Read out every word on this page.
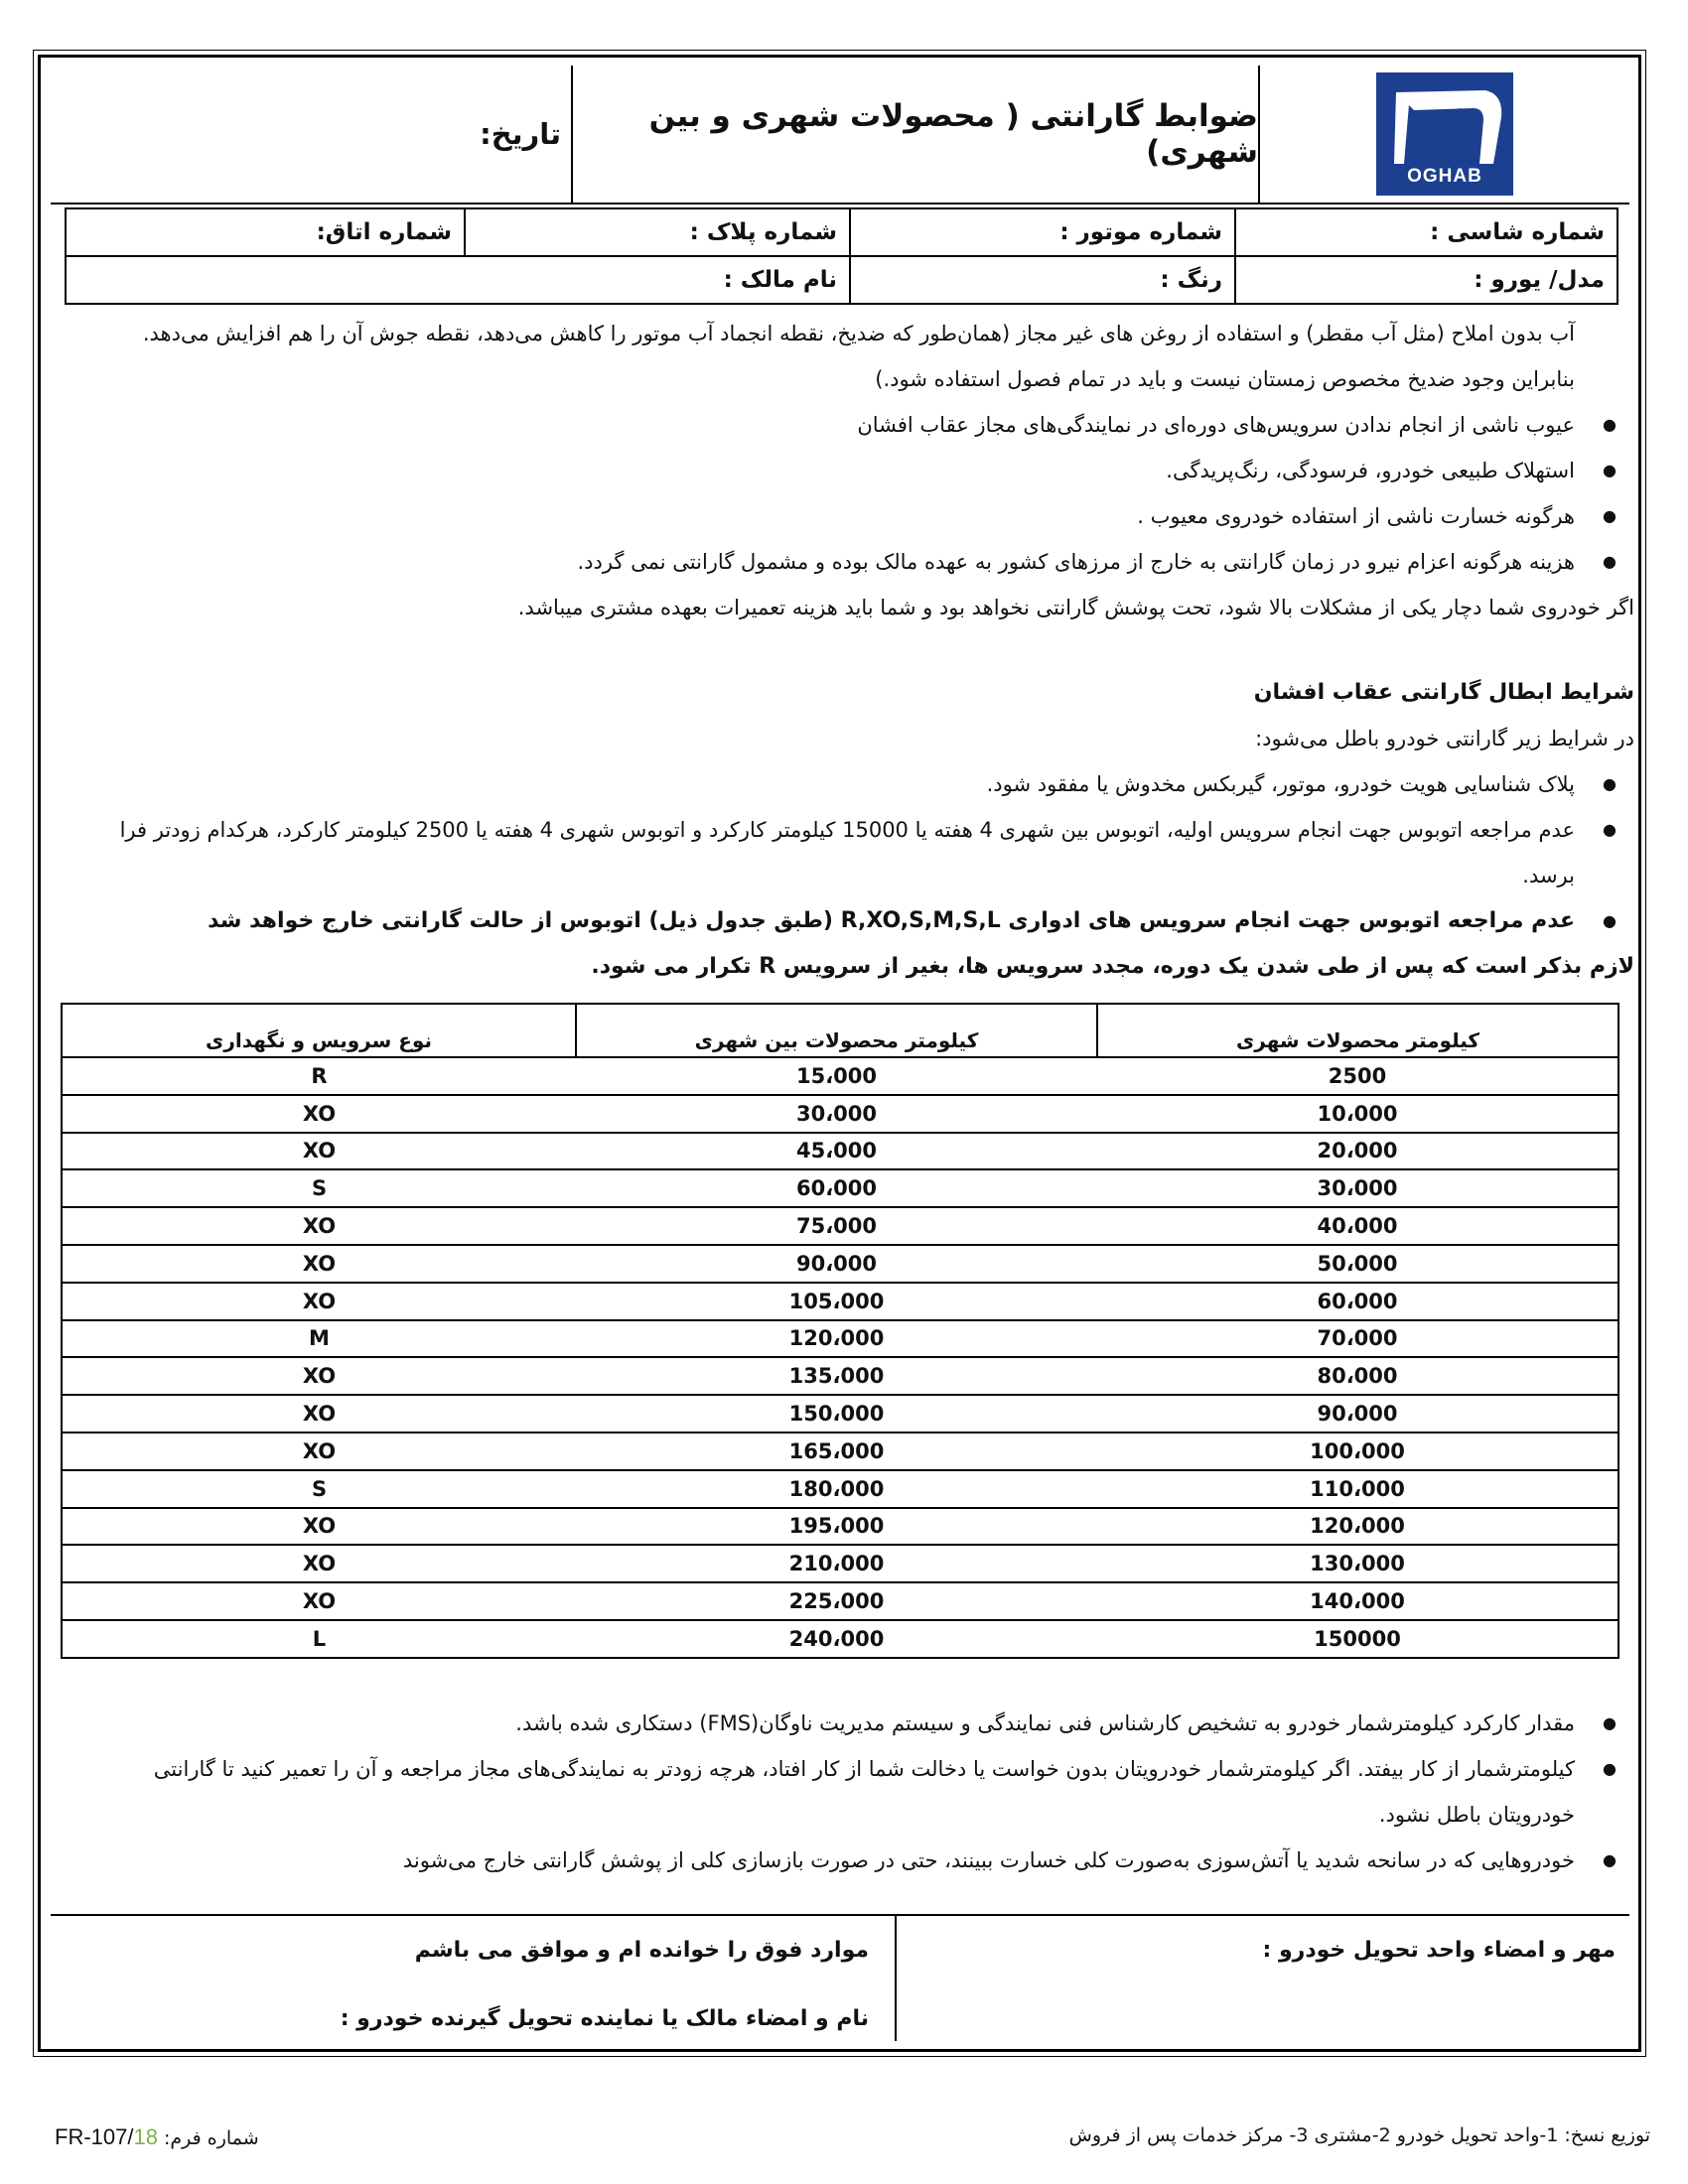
OGHAB
ضوابط گارانتی ( محصولات شهری و بین شهری)
تاریخ:
شماره شاسی :	شماره موتور :	شماره پلاک :	شماره اتاق:
مدل/ یورو :	رنگ :	نام مالک :	

آب بدون املاح (مثل آب مقطر) و استفاده از روغن های غیر مجاز (همان‌طور که ضدیخ، نقطه انجماد آب موتور را کاهش می‌دهد، نقطه جوش آن را هم افزایش می‌دهد.

بنابراین وجود ضدیخ مخصوص زمستان نیست و باید در تمام فصول استفاده شود.)

● عیوب ناشی از انجام ندادن سرویس‌های دوره‌ای در نمایندگی‌های مجاز عقاب افشان
● استهلاک طبیعی خودرو، فرسودگی، رنگ‌پریدگی.
● هرگونه خسارت ناشی از استفاده خودروی معیوب .
● هزینه هرگونه اعزام نیرو در زمان گارانتی به خارج از مرزهای کشور به عهده مالک بوده و مشمول گارانتی نمی گردد.

اگر خودروی شما دچار یکی از مشکلات بالا شود، تحت پوشش گارانتی نخواهد بود و شما باید هزینه تعمیرات بعهده مشتری میباشد.

شرایط ابطال گارانتی عقاب افشان

در شرایط زیر گارانتی خودرو باطل می‌شود:

● پلاک شناسایی هویت خودرو، موتور، گیربکس مخدوش یا مفقود شود.
● عدم مراجعه اتوبوس جهت انجام سرویس اولیه، اتوبوس بین شهری 4 هفته یا 15000 کیلومتر کارکرد و اتوبوس شهری 4 هفته یا 2500 کیلومتر کارکرد، هرکدام زودتر فرا برسد.
● عدم مراجعه اتوبوس جهت انجام سرویس های ادواری R,XO,S,M,S,L (طبق جدول ذیل) اتوبوس از حالت گارانتی خارج خواهد شد

لازم بذکر است که پس از طی شدن یک دوره، مجدد سرویس ها، بغیر از سرویس R تکرار می شود.

کیلومتر محصولات شهری	کیلومتر محصولات بین شهری	نوع سرویس و نگهداری
2500	15،000	R
10،000	30،000	XO
20،000	45،000	XO
30،000	60،000	S
40،000	75،000	XO
50،000	90،000	XO
60،000	105،000	XO
70،000	120،000	M
80،000	135،000	XO
90،000	150،000	XO
100،000	165،000	XO
110،000	180،000	S
120،000	195،000	XO
130،000	210،000	XO
140،000	225،000	XO
150000	240،000	L
● مقدار کارکرد کیلومترشمار خودرو به تشخیص کارشناس فنی نمایندگی و سیستم مدیریت ناوگان(FMS) دستکاری شده باشد.
● کیلومترشمار از کار بیفتد. اگر کیلومترشمار خودرویتان بدون خواست یا دخالت شما از کار افتاد، هرچه زودتر به نمایندگی‌های مجاز مراجعه و آن را تعمیر کنید تا گارانتی خودرویتان باطل نشود.
● خودروهایی که در سانحه شدید یا آتش‌سوزی به‌صورت کلی خسارت ببینند، حتی در صورت بازسازی کلی از پوشش گارانتی خارج می‌شوند
مهر و امضاء واحد تحویل خودرو :
موارد فوق را خوانده ام و موافق می باشم
نام و امضاء مالک یا نماینده تحویل گیرنده خودرو :
توزیع نسخ: 1-واحد تحویل خودرو 2-مشتری 3- مرکز خدمات پس از فروش
شماره فرم: FR-107/18
